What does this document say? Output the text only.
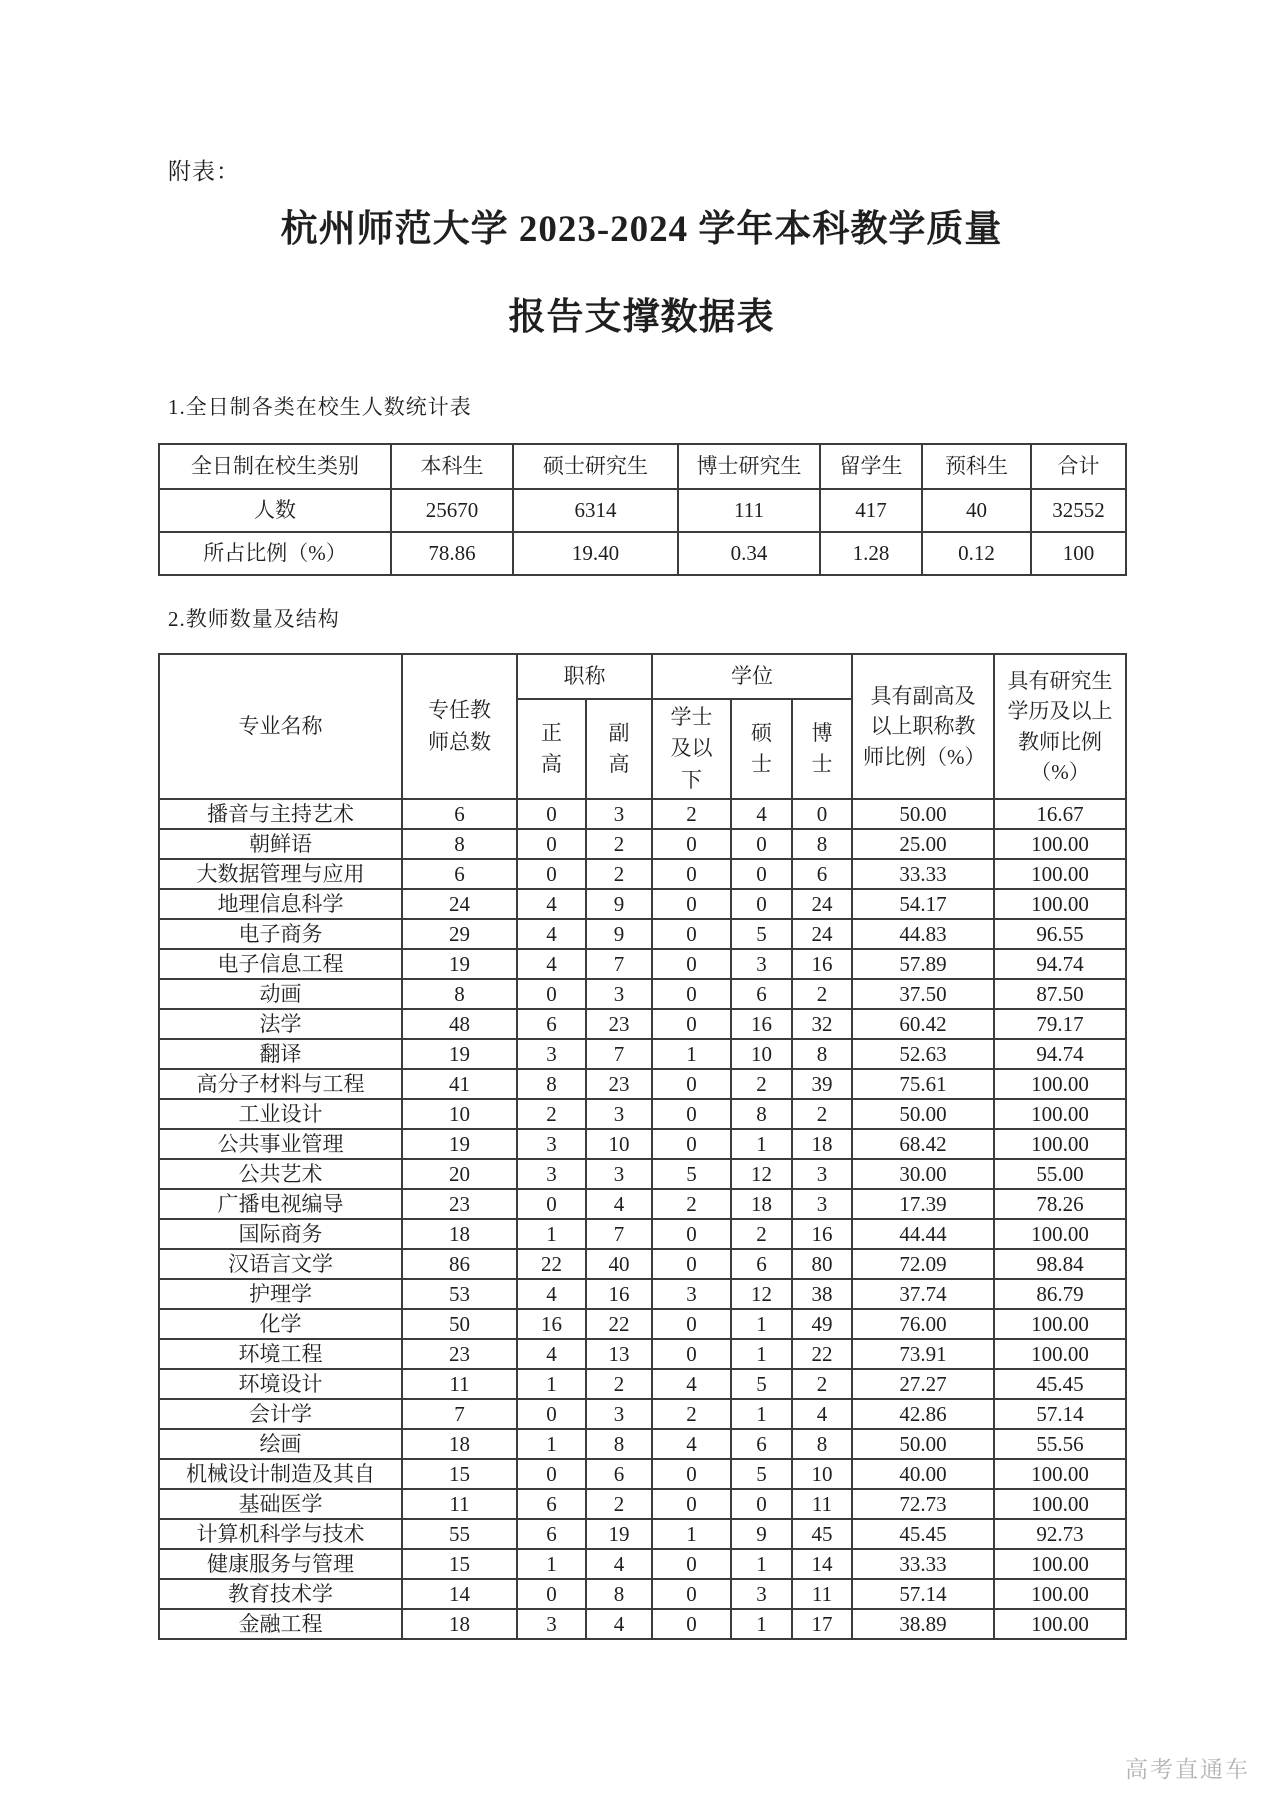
附表：
杭州师范大学 2023-2024 学年本科教学质量
报告支撑数据表
1.全日制各类在校生人数统计表
全日制在校生类别	本科生	硕士研究生	博士研究生	留学生	预科生	合计
人数	25670	6314	111	417	40	32552
所占比例（%）	78.86	19.40	0.34	1.28	0.12	100
2.教师数量及结构
专业名称	专任教师总数	职称		学位			具有副高及以上职称教师比例（%）	具有研究生学历及以上教师比例（%）
		正高	副高	学士及以下	硕士	博士		
播音与主持艺术	6	0	3	2	4	0	50.00	16.67
朝鲜语	8	0	2	0	0	8	25.00	100.00
大数据管理与应用	6	0	2	0	0	6	33.33	100.00
地理信息科学	24	4	9	0	0	24	54.17	100.00
电子商务	29	4	9	0	5	24	44.83	96.55
电子信息工程	19	4	7	0	3	16	57.89	94.74
动画	8	0	3	0	6	2	37.50	87.50
法学	48	6	23	0	16	32	60.42	79.17
翻译	19	3	7	1	10	8	52.63	94.74
高分子材料与工程	41	8	23	0	2	39	75.61	100.00
工业设计	10	2	3	0	8	2	50.00	100.00
公共事业管理	19	3	10	0	1	18	68.42	100.00
公共艺术	20	3	3	5	12	3	30.00	55.00
广播电视编导	23	0	4	2	18	3	17.39	78.26
国际商务	18	1	7	0	2	16	44.44	100.00
汉语言文学	86	22	40	0	6	80	72.09	98.84
护理学	53	4	16	3	12	38	37.74	86.79
化学	50	16	22	0	1	49	76.00	100.00
环境工程	23	4	13	0	1	22	73.91	100.00
环境设计	11	1	2	4	5	2	27.27	45.45
会计学	7	0	3	2	1	4	42.86	57.14
绘画	18	1	8	4	6	8	50.00	55.56
机械设计制造及其自	15	0	6	0	5	10	40.00	100.00
基础医学	11	6	2	0	0	11	72.73	100.00
计算机科学与技术	55	6	19	1	9	45	45.45	92.73
健康服务与管理	15	1	4	0	1	14	33.33	100.00
教育技术学	14	0	8	0	3	11	57.14	100.00
金融工程	18	3	4	0	1	17	38.89	100.00
高考直通车
